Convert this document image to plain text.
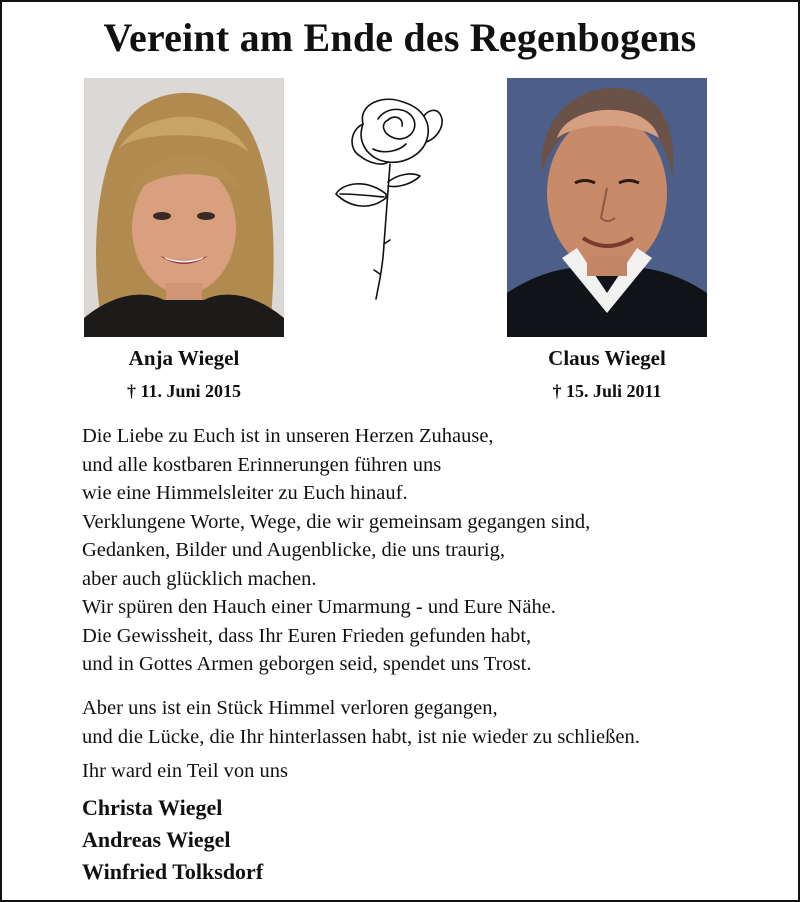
Vereint am Ende des Regenbogens
Anja Wiegel
† 11. Juni 2015
Claus Wiegel
† 15. Juli 2011
Die Liebe zu Euch ist in unseren Herzen Zuhause,
und alle kostbaren Erinnerungen führen uns
wie eine Himmelsleiter zu Euch hinauf.
Verklungene Worte, Wege, die wir gemeinsam gegangen sind,
Gedanken, Bilder und Augenblicke, die uns traurig,
aber auch glücklich machen.
Wir spüren den Hauch einer Umarmung - und Eure Nähe.
Die Gewissheit, dass Ihr Euren Frieden gefunden habt,
und in Gottes Armen geborgen seid, spendet uns Trost.
Aber uns ist ein Stück Himmel verloren gegangen,
und die Lücke, die Ihr hinterlassen habt, ist nie wieder zu schließen.
Ihr ward ein Teil von uns
Christa Wiegel
Andreas Wiegel
Winfried Tolksdorf
